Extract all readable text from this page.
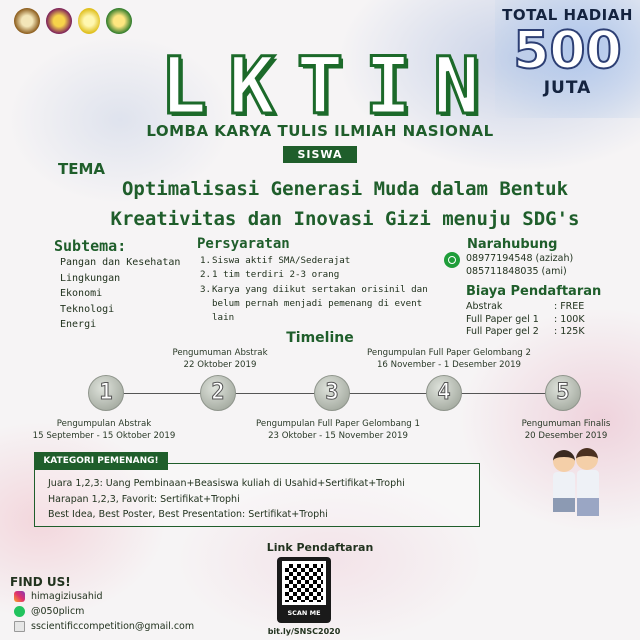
TOTAL HADIAH
500
JUTA
L K T I N
LOMBA KARYA TULIS ILMIAH NASIONAL
SISWA
TEMA
Optimalisasi Generasi Muda dalam Bentuk
Kreativitas dan Inovasi Gizi menuju SDG's
Subtema:
Pangan dan Kesehatan
Lingkungan
Ekonomi
Teknologi
Energi
Persyaratan
1. Siswa aktif SMA/Sederajat
2. 1 tim terdiri 2-3 orang
3. Karya yang diikut sertakan orisinil dan belum pernah menjadi pemenang di event lain
Narahubung
08977194548 (azizah)
085711848035 (ami)
Biaya Pendaftaran
Abstrak	: FREE
Full Paper gel 1	: 100K
Full Paper gel 2	: 125K
Timeline
1	2	3	4	5
Pengumpulan Abstrak
15 September - 15 Oktober 2019
Pengumuman Abstrak
22 Oktober 2019
Pengumpulan Full Paper Gelombang 1
23 Oktober - 15 November 2019
Pengumpulan Full Paper Gelombang 2
16 November - 1 Desember 2019
Pengumuman Finalis
20 Desember 2019
KATEGORI PEMENANG!
Juara 1,2,3: Uang Pembinaan+Beasiswa kuliah di Usahid+Sertifikat+Trophi
Harapan 1,2,3, Favorit: Sertifikat+Trophi
Best Idea, Best Poster, Best Presentation: Sertifikat+Trophi
Link Pendaftaran
SCAN ME
bit.ly/SNSC2020
FIND US!
himagiziusahid
@050plicm
sscientificcompetition@gmail.com
